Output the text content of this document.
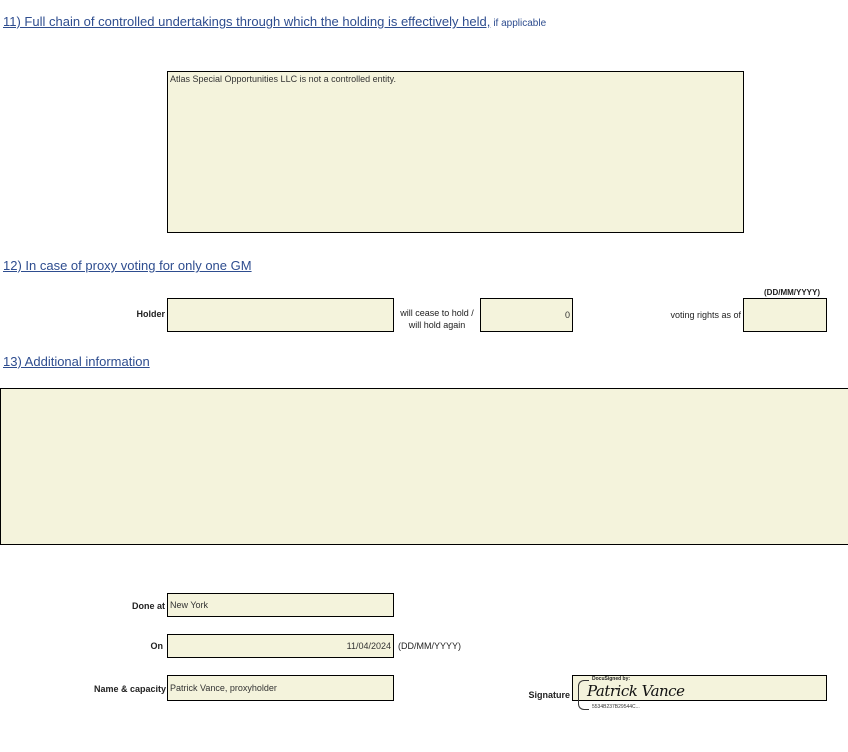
11) Full chain of controlled undertakings through which the holding is effectively held, if applicable
Atlas Special Opportunities LLC is not a controlled entity.
12) In case of proxy voting for only one GM
Holder	will cease to hold /
will hold again
0
(DD/MM/YYYY)
voting rights as of
13) Additional information
Done at New York
On	11/04/2024 (DD/MM/YYYY)
Name & capacity Patrick Vance, proxyholder
Signature
DocuSigned by:
Patrick Vance
5534B237B29544C...
